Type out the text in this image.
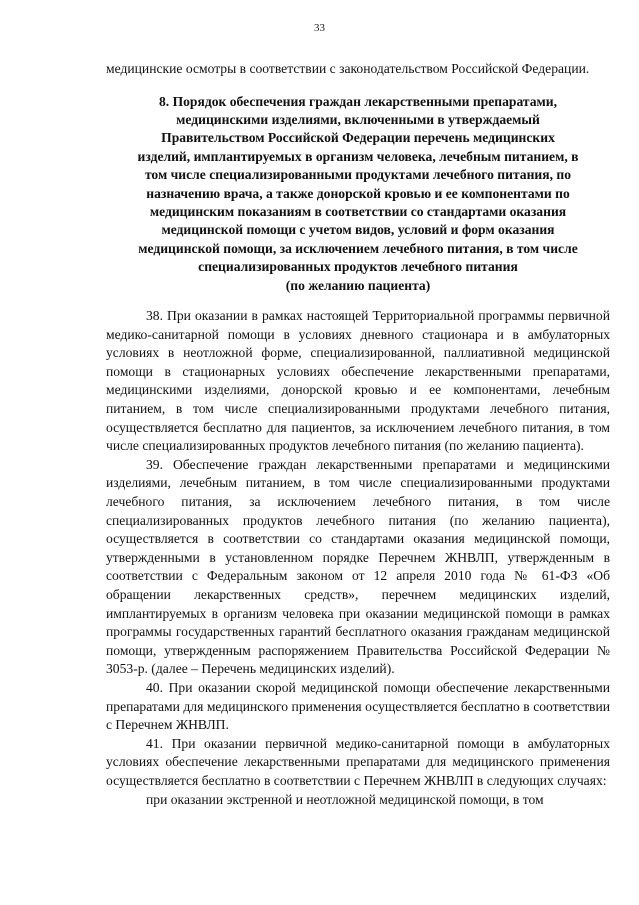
33

медицинские осмотры в соответствии с законодательством Российской Федерации.

8. Порядок обеспечения граждан лекарственными препаратами,
медицинскими изделиями, включенными в утверждаемый
Правительством Российской Федерации перечень медицинских
изделий, имплантируемых в организм человека, лечебным питанием, в
том числе специализированными продуктами лечебного питания, по
назначению врача, а также донорской кровью и ее компонентами по
медицинским показаниям в соответствии со стандартами оказания
медицинской помощи с учетом видов, условий и форм оказания
медицинской помощи, за исключением лечебного питания, в том числе
специализированных продуктов лечебного питания
(по желанию пациента)

38. При оказании в рамках настоящей Территориальной программы первичной медико-санитарной помощи в условиях дневного стационара и в амбулаторных условиях в неотложной форме, специализированной, паллиативной медицинской помощи в стационарных условиях обеспечение лекарственными препаратами, медицинскими изделиями, донорской кровью и ее компонентами, лечебным питанием, в том числе специализированными продуктами лечебного питания, осуществляется бесплатно для пациентов, за исключением лечебного питания, в том числе специализированных продуктов лечебного питания (по желанию пациента).

39. Обеспечение граждан лекарственными препаратами и медицинскими изделиями, лечебным питанием, в том числе специализированными продуктами лечебного питания, за исключением лечебного питания, в том числе специализированных продуктов лечебного питания (по желанию пациента), осуществляется в соответствии со стандартами оказания медицинской помощи, утвержденными в установленном порядке Перечнем ЖНВЛП, утвержденным в соответствии с Федеральным законом от 12 апреля 2010 года № 61-ФЗ «Об обращении лекарственных средств», перечнем медицинских изделий, имплантируемых в организм человека при оказании медицинской помощи в рамках программы государственных гарантий бесплатного оказания гражданам медицинской помощи, утвержденным распоряжением Правительства Российской Федерации № 3053-р. (далее – Перечень медицинских изделий).

40. При оказании скорой медицинской помощи обеспечение лекарственными препаратами для медицинского применения осуществляется бесплатно в соответствии с Перечнем ЖНВЛП.

41. При оказании первичной медико-санитарной помощи в амбулаторных условиях обеспечение лекарственными препаратами для медицинского применения осуществляется бесплатно в соответствии с Перечнем ЖНВЛП в следующих случаях:

при оказании экстренной и неотложной медицинской помощи, в том
